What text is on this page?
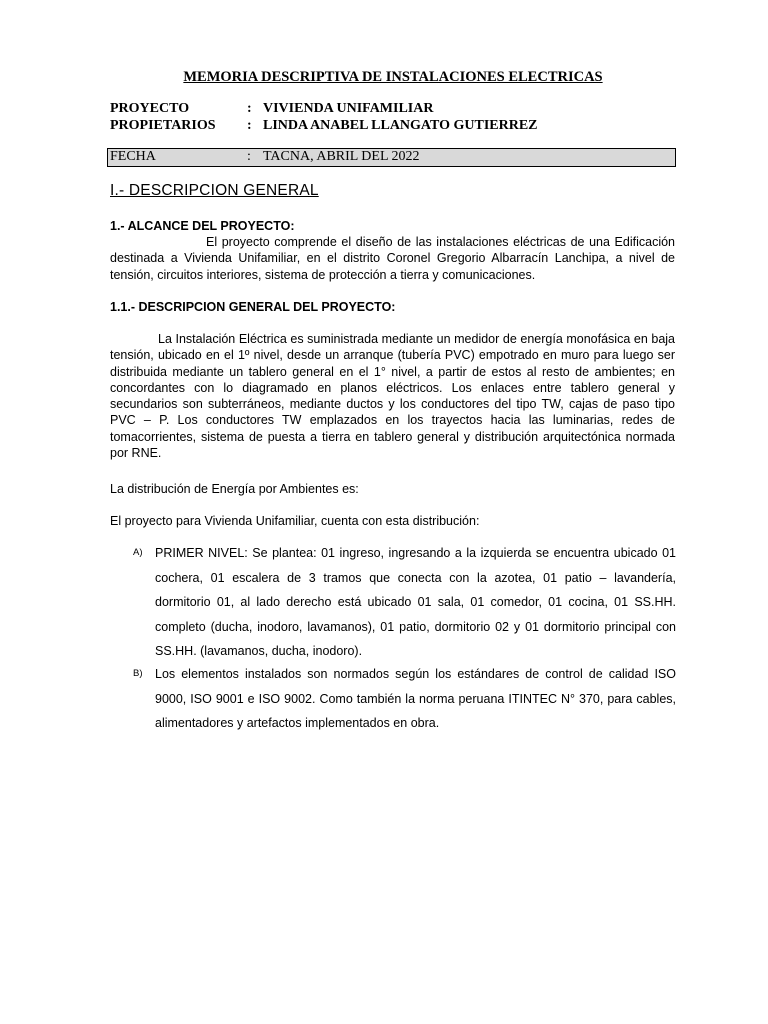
MEMORIA DESCRIPTIVA DE INSTALACIONES ELECTRICAS
PROYECTO	: VIVIENDA UNIFAMILIAR
PROPIETARIOS	: LINDA ANABEL LLANGATO GUTIERREZ
FECHA	: TACNA, ABRIL DEL 2022
I.- DESCRIPCION GENERAL
1.- ALCANCE DEL PROYECTO:
El proyecto comprende el diseño de las instalaciones eléctricas de una Edificación destinada a Vivienda Unifamiliar, en el distrito Coronel Gregorio Albarracín Lanchipa, a nivel de tensión, circuitos interiores, sistema de protección a tierra y comunicaciones.
1.1.- DESCRIPCION GENERAL DEL PROYECTO:
La Instalación Eléctrica es suministrada mediante un medidor de energía monofásica en baja tensión, ubicado en el 1º nivel, desde un arranque (tubería PVC) empotrado en muro para luego ser distribuida mediante un tablero general en el 1° nivel, a partir de estos al resto de ambientes; en concordantes con lo diagramado en planos eléctricos. Los enlaces entre tablero general y secundarios son subterráneos, mediante ductos y los conductores del tipo TW, cajas de paso tipo PVC – P. Los conductores TW emplazados en los trayectos hacia las luminarias, redes de tomacorrientes, sistema de puesta a tierra en tablero general y distribución arquitectónica normada por RNE.
La distribución de Energía por Ambientes es:
El proyecto para Vivienda Unifamiliar, cuenta con esta distribución:
A) PRIMER NIVEL: Se plantea: 01 ingreso, ingresando a la izquierda se encuentra ubicado 01 cochera, 01 escalera de 3 tramos que conecta con la azotea, 01 patio – lavandería, dormitorio 01, al lado derecho está ubicado 01 sala, 01 comedor, 01 cocina, 01 SS.HH. completo (ducha, inodoro, lavamanos), 01 patio, dormitorio 02 y 01 dormitorio principal con SS.HH. (lavamanos, ducha, inodoro).
B) Los elementos instalados son normados según los estándares de control de calidad ISO 9000, ISO 9001 e ISO 9002. Como también la norma peruana ITINTEC N° 370, para cables, alimentadores y artefactos implementados en obra.
